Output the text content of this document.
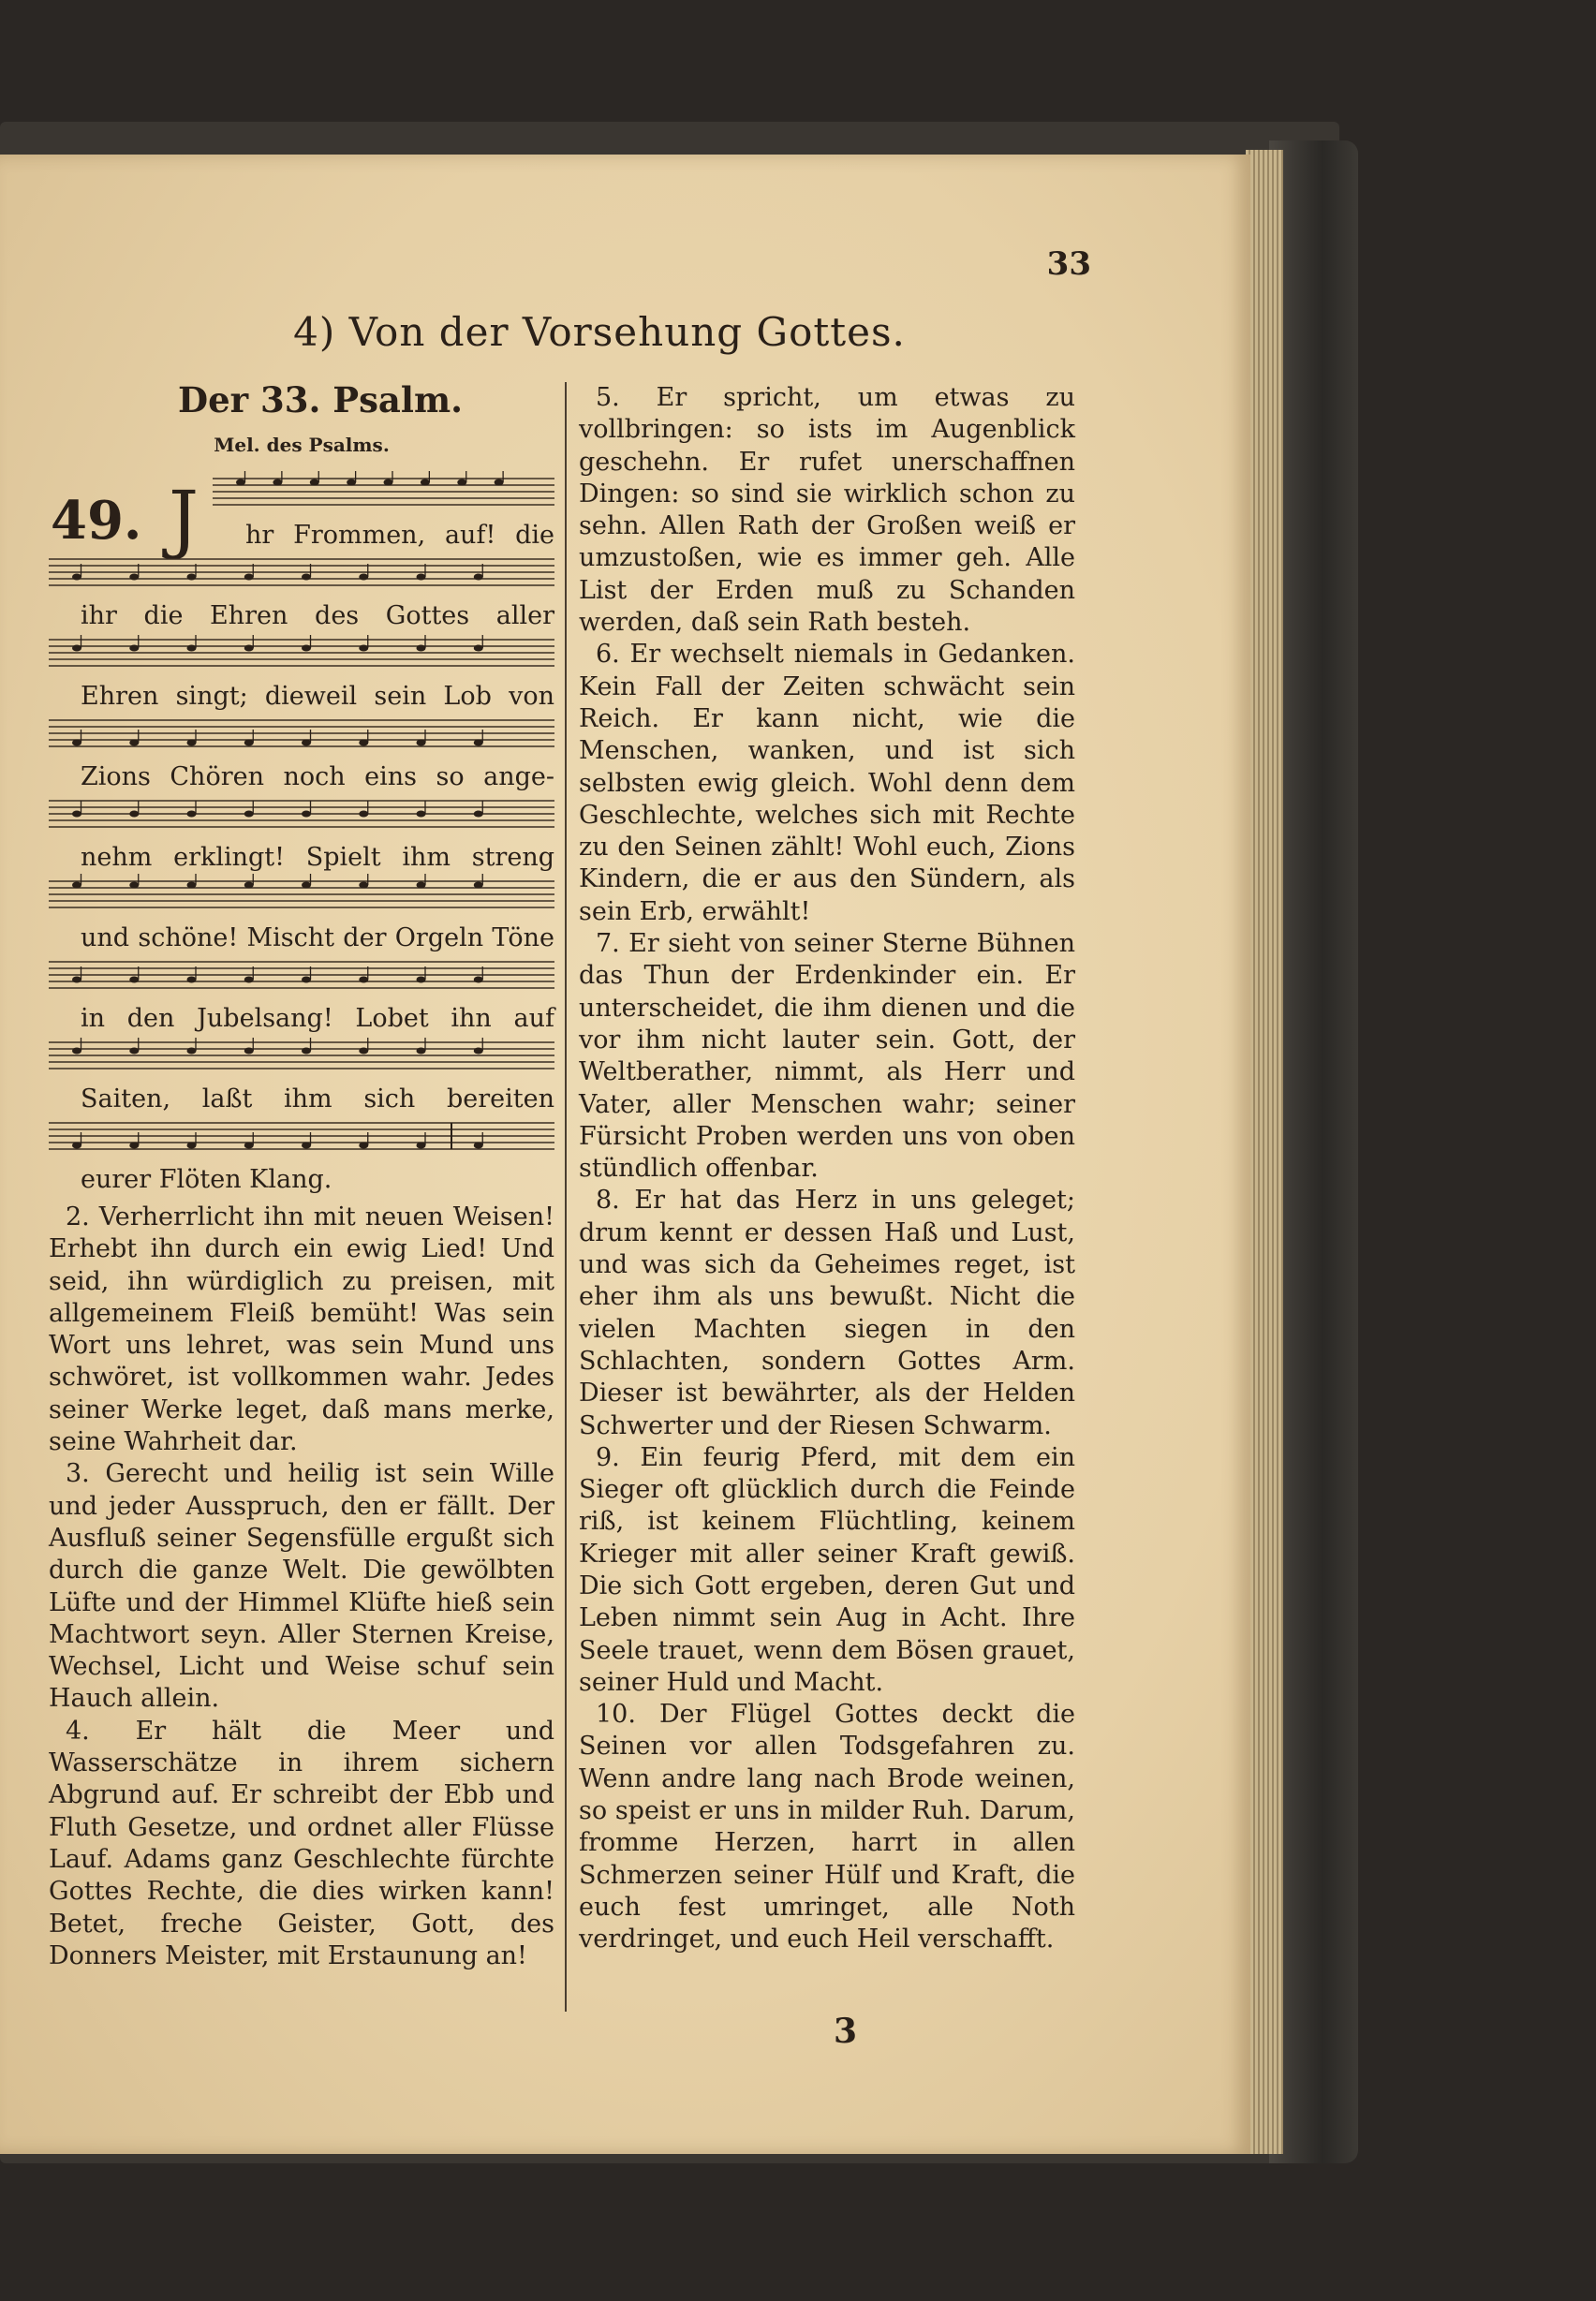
33
4) Von der Vorsehung Gottes.
Der 33. Psalm.
Mel. des Psalms.
49. J hr Frommen, auf! die
ihr die Ehren des Gottes aller
Ehren singt; dieweil sein Lob von
Zions Chören noch eins so ange-
nehm erklingt! Spielt ihm streng
und schöne! Mischt der Orgeln Töne
in den Jubelsang! Lobet ihn auf
Saiten, laßt ihm sich bereiten
eurer Flöten Klang.

2. Verherrlicht ihn mit neuen Weisen! Erhebt ihn durch ein ewig Lied! Und seid, ihn würdiglich zu preisen, mit allgemeinem Fleiß bemüht! Was sein Wort uns lehret, was sein Mund uns schwöret, ist vollkommen wahr. Jedes seiner Werke leget, daß mans merke, seine Wahrheit dar.

3. Gerecht und heilig ist sein Wille und jeder Ausspruch, den er fällt. Der Ausfluß seiner Segensfülle ergußt sich durch die ganze Welt. Die gewölbten Lüfte und der Himmel Klüfte hieß sein Machtwort seyn. Aller Sternen Kreise, Wechsel, Licht und Weise schuf sein Hauch allein.

4. Er hält die Meer und Wasserschätze in ihrem sichern Abgrund auf. Er schreibt der Ebb und Fluth Gesetze, und ordnet aller Flüsse Lauf. Adams ganz Geschlechte fürchte Gottes Rechte, die dies wirken kann! Betet, freche Geister, Gott, des Donners Meister, mit Erstaunung an!

5. Er spricht, um etwas zu vollbringen: so ists im Augenblick geschehn. Er rufet unerschaffnen Dingen: so sind sie wirklich schon zu sehn. Allen Rath der Großen weiß er umzustoßen, wie es immer geh. Alle List der Erden muß zu Schanden werden, daß sein Rath besteh.

6. Er wechselt niemals in Gedanken. Kein Fall der Zeiten schwächt sein Reich. Er kann nicht, wie die Menschen, wanken, und ist sich selbsten ewig gleich. Wohl denn dem Geschlechte, welches sich mit Rechte zu den Seinen zählt! Wohl euch, Zions Kindern, die er aus den Sündern, als sein Erb, erwählt!

7. Er sieht von seiner Sterne Bühnen das Thun der Erdenkinder ein. Er unterscheidet, die ihm dienen und die vor ihm nicht lauter sein. Gott, der Weltberather, nimmt, als Herr und Vater, aller Menschen wahr; seiner Fürsicht Proben werden uns von oben stündlich offenbar.

8. Er hat das Herz in uns geleget; drum kennt er dessen Haß und Lust, und was sich da Geheimes reget, ist eher ihm als uns bewußt. Nicht die vielen Machten siegen in den Schlachten, sondern Gottes Arm. Dieser ist bewährter, als der Helden Schwerter und der Riesen Schwarm.

9. Ein feurig Pferd, mit dem ein Sieger oft glücklich durch die Feinde riß, ist keinem Flüchtling, keinem Krieger mit aller seiner Kraft gewiß. Die sich Gott ergeben, deren Gut und Leben nimmt sein Aug in Acht. Ihre Seele trauet, wenn dem Bösen grauet, seiner Huld und Macht.

10. Der Flügel Gottes deckt die Seinen vor allen Todsgefahren zu. Wenn andre lang nach Brode weinen, so speist er uns in milder Ruh. Darum, fromme Herzen, harrt in allen Schmerzen seiner Hülf und Kraft, die euch fest umringet, alle Noth verdringet, und euch Heil verschafft.

3
